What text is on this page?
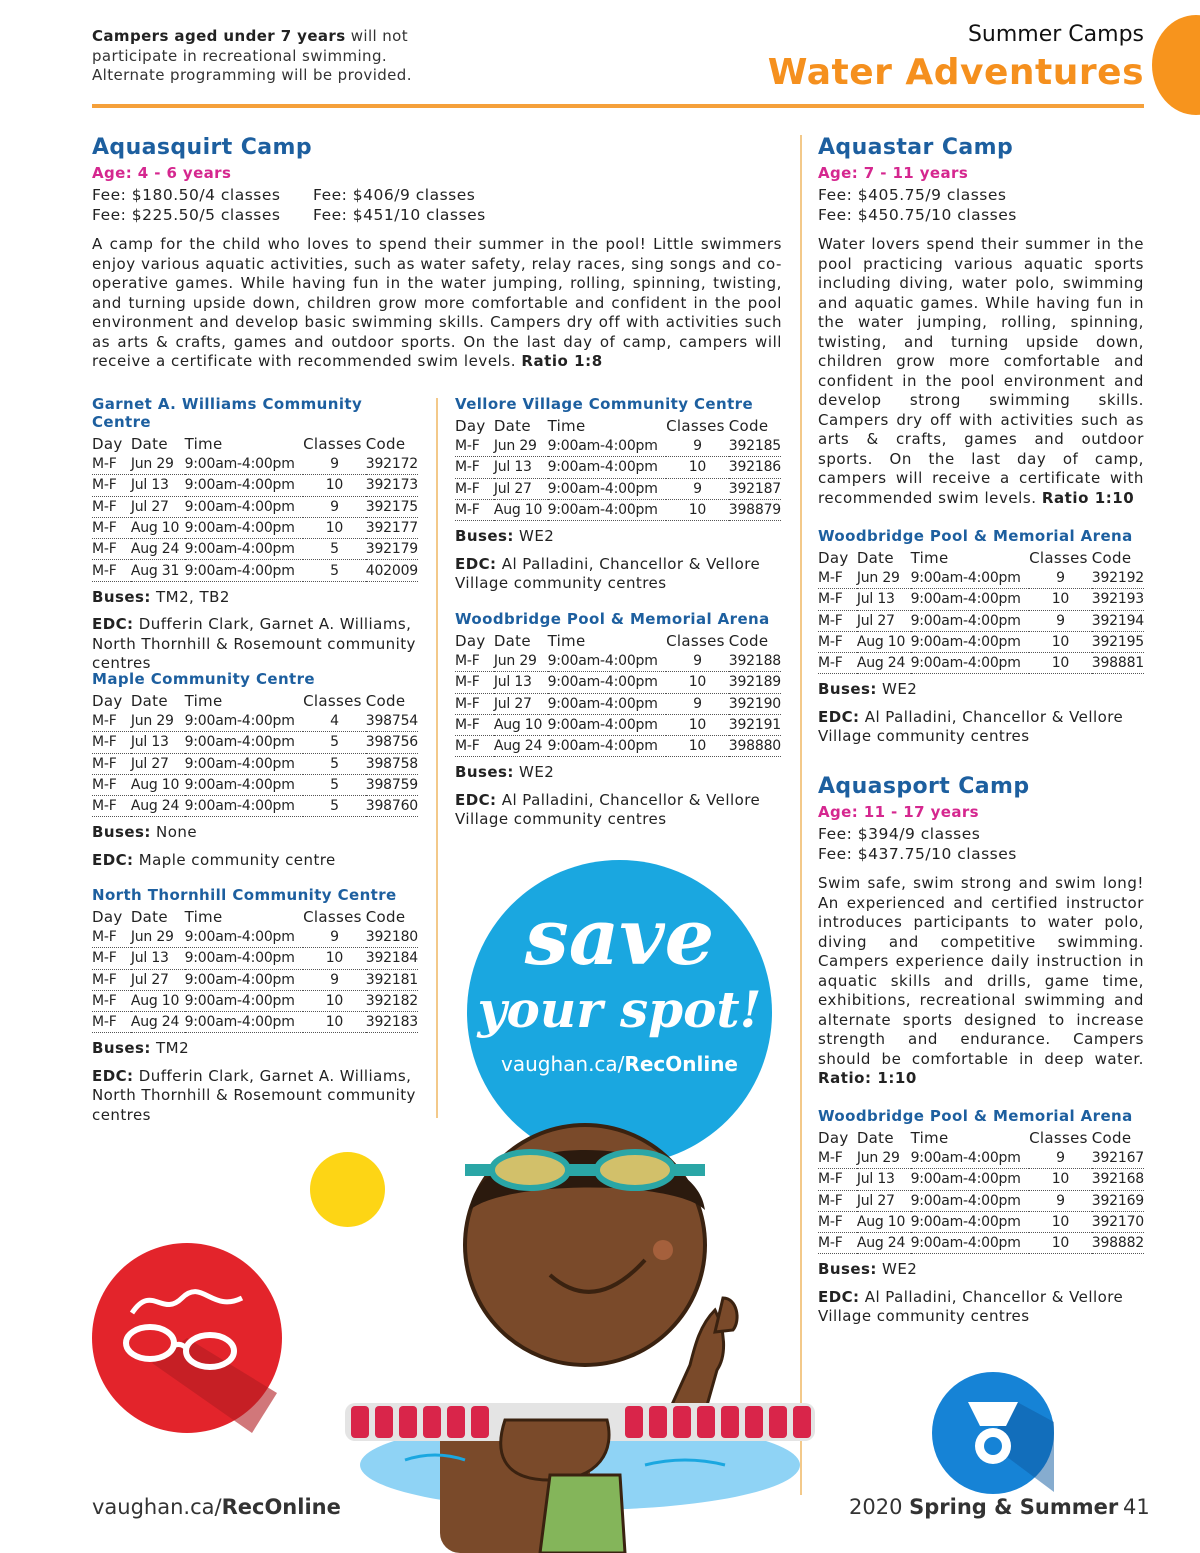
Campers aged under 7 years will not participate in recreational swimming. Alternate programming will be provided.
Summer Camps
Water Adventures
Aquasquirt Camp
Age: 4 - 6 years
Fee: $180.50/4 classes
Fee: $225.50/5 classes
Fee: $406/9 classes
Fee: $451/10 classes
A camp for the child who loves to spend their summer in the pool! Little swimmers enjoy various aquatic activities, such as water safety, relay races, sing songs and co-operative games. While having fun in the water jumping, rolling, spinning, twisting, and turning upside down, children grow more comfortable and confident in the pool environment and develop basic swimming skills. Campers dry off with activities such as arts & crafts, games and outdoor sports. On the last day of camp, campers will receive a certificate with recommended swim levels. Ratio 1:8
Garnet A. Williams Community Centre
Day	Date	Time	Classes	Code
M-F	Jun 29	9:00am-4:00pm	9	392172
M-F	Jul 13	9:00am-4:00pm	10	392173
M-F	Jul 27	9:00am-4:00pm	9	392175
M-F	Aug 10	9:00am-4:00pm	10	392177
M-F	Aug 24	9:00am-4:00pm	5	392179
M-F	Aug 31	9:00am-4:00pm	5	402009
Buses: TM2, TB2
EDC: Dufferin Clark, Garnet A. Williams, North Thornhill & Rosemount community centres
Maple Community Centre
Day	Date	Time	Classes	Code
M-F	Jun 29	9:00am-4:00pm	4	398754
M-F	Jul 13	9:00am-4:00pm	5	398756
M-F	Jul 27	9:00am-4:00pm	5	398758
M-F	Aug 10	9:00am-4:00pm	5	398759
M-F	Aug 24	9:00am-4:00pm	5	398760
Buses: None
EDC: Maple community centre
North Thornhill Community Centre
Day	Date	Time	Classes	Code
M-F	Jun 29	9:00am-4:00pm	9	392180
M-F	Jul 13	9:00am-4:00pm	10	392184
M-F	Jul 27	9:00am-4:00pm	9	392181
M-F	Aug 10	9:00am-4:00pm	10	392182
M-F	Aug 24	9:00am-4:00pm	10	392183
Buses: TM2
EDC: Dufferin Clark, Garnet A. Williams, North Thornhill & Rosemount community centres
Vellore Village Community Centre
Day	Date	Time	Classes	Code
M-F	Jun 29	9:00am-4:00pm	9	392185
M-F	Jul 13	9:00am-4:00pm	10	392186
M-F	Jul 27	9:00am-4:00pm	9	392187
M-F	Aug 10	9:00am-4:00pm	10	398879
Buses: WE2
EDC: Al Palladini, Chancellor & Vellore Village community centres
Woodbridge Pool & Memorial Arena
Day	Date	Time	Classes	Code
M-F	Jun 29	9:00am-4:00pm	9	392188
M-F	Jul 13	9:00am-4:00pm	10	392189
M-F	Jul 27	9:00am-4:00pm	9	392190
M-F	Aug 10	9:00am-4:00pm	10	392191
M-F	Aug 24	9:00am-4:00pm	10	398880
Buses: WE2
EDC: Al Palladini, Chancellor & Vellore Village community centres
Aquastar Camp
Age: 7 - 11 years
Fee: $405.75/9 classes
Fee: $450.75/10 classes
Water lovers spend their summer in the pool practicing various aquatic sports including diving, water polo, swimming and aquatic games. While having fun in the water jumping, rolling, spinning, twisting, and turning upside down, children grow more comfortable and confident in the pool environment and develop strong swimming skills. Campers dry off with activities such as arts & crafts, games and outdoor sports. On the last day of camp, campers will receive a certificate with recommended swim levels. Ratio 1:10
Woodbridge Pool & Memorial Arena
Day	Date	Time	Classes	Code
M-F	Jun 29	9:00am-4:00pm	9	392192
M-F	Jul 13	9:00am-4:00pm	10	392193
M-F	Jul 27	9:00am-4:00pm	9	392194
M-F	Aug 10	9:00am-4:00pm	10	392195
M-F	Aug 24	9:00am-4:00pm	10	398881
Buses: WE2
EDC: Al Palladini, Chancellor & Vellore Village community centres
Aquasport Camp
Age: 11 - 17 years
Fee: $394/9 classes
Fee: $437.75/10 classes
Swim safe, swim strong and swim long! An experienced and certified instructor introduces participants to water polo, diving and competitive swimming. Campers experience daily instruction in aquatic skills and drills, game time, exhibitions, recreational swimming and alternate sports designed to increase strength and endurance. Campers should be comfortable in deep water. Ratio: 1:10
Woodbridge Pool & Memorial Arena
Day	Date	Time	Classes	Code
M-F	Jun 29	9:00am-4:00pm	9	392167
M-F	Jul 13	9:00am-4:00pm	10	392168
M-F	Jul 27	9:00am-4:00pm	9	392169
M-F	Aug 10	9:00am-4:00pm	10	392170
M-F	Aug 24	9:00am-4:00pm	10	398882
Buses: WE2
EDC: Al Palladini, Chancellor & Vellore Village community centres
save
your spot!
vaughan.ca/RecOnline
vaughan.ca/RecOnline	2020 Spring & Summer 41
